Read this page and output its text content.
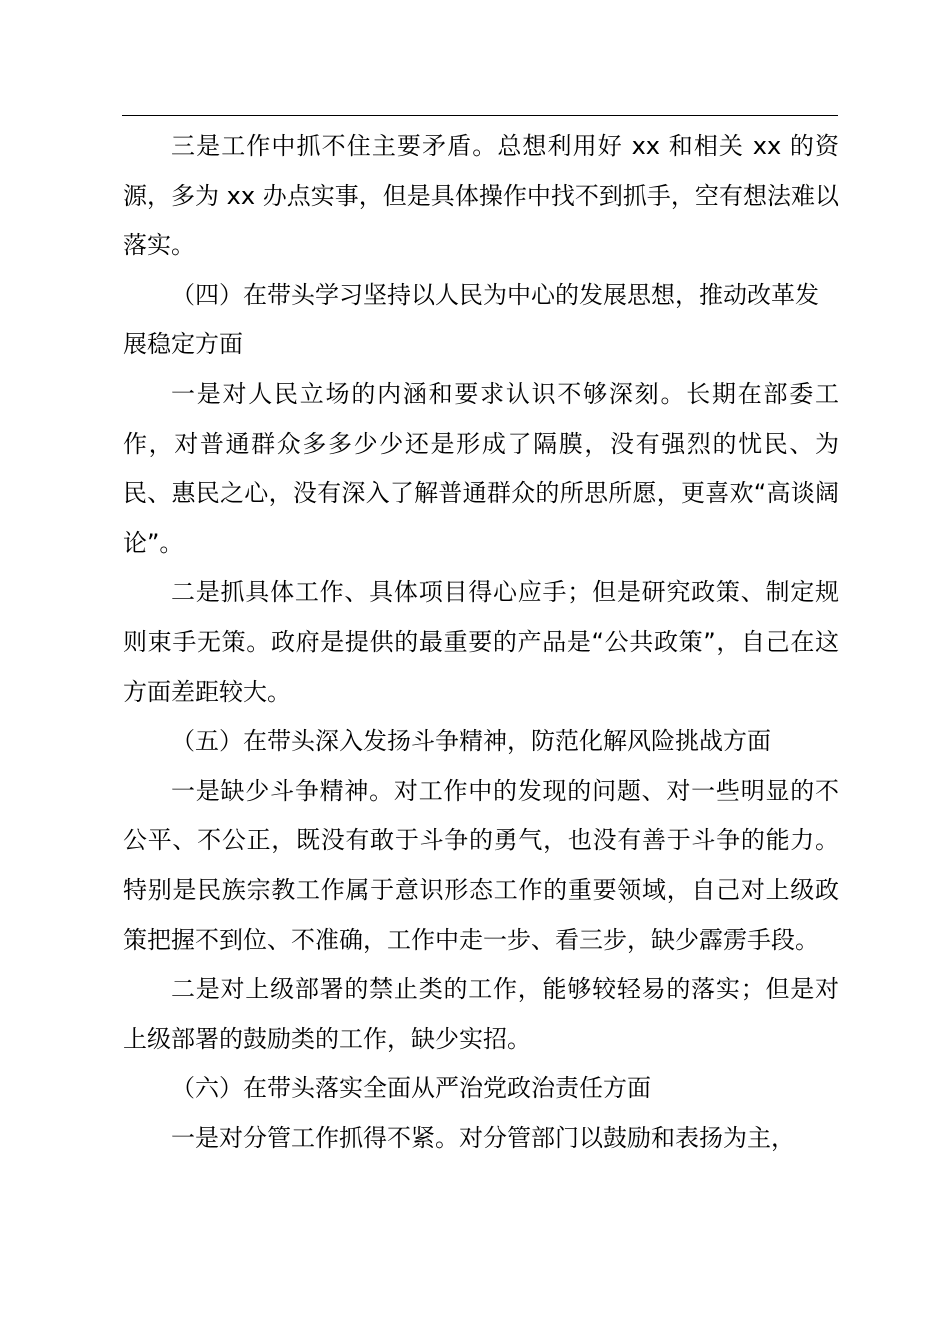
三是工作中抓不住主要矛盾。总想利用好 xx 和相关 xx 的资源，多为 xx 办点实事，但是具体操作中找不到抓手，空有想法难以落实。

（四）在带头学习坚持以人民为中心的发展思想，推动改革发展稳定方面

一是对人民立场的内涵和要求认识不够深刻。长期在部委工作，对普通群众多多少少还是形成了隔膜，没有强烈的忧民、为民、惠民之心，没有深入了解普通群众的所思所愿，更喜欢“高谈阔论”。

二是抓具体工作、具体项目得心应手；但是研究政策、制定规则束手无策。政府是提供的最重要的产品是“公共政策”，自己在这方面差距较大。

（五）在带头深入发扬斗争精神，防范化解风险挑战方面

一是缺少斗争精神。对工作中的发现的问题、对一些明显的不公平、不公正，既没有敢于斗争的勇气，也没有善于斗争的能力。特别是民族宗教工作属于意识形态工作的重要领域，自己对上级政策把握不到位、不准确，工作中走一步、看三步，缺少霹雳手段。

二是对上级部署的禁止类的工作，能够较轻易的落实；但是对上级部署的鼓励类的工作，缺少实招。

（六）在带头落实全面从严治党政治责任方面

一是对分管工作抓得不紧。对分管部门以鼓励和表扬为主，
